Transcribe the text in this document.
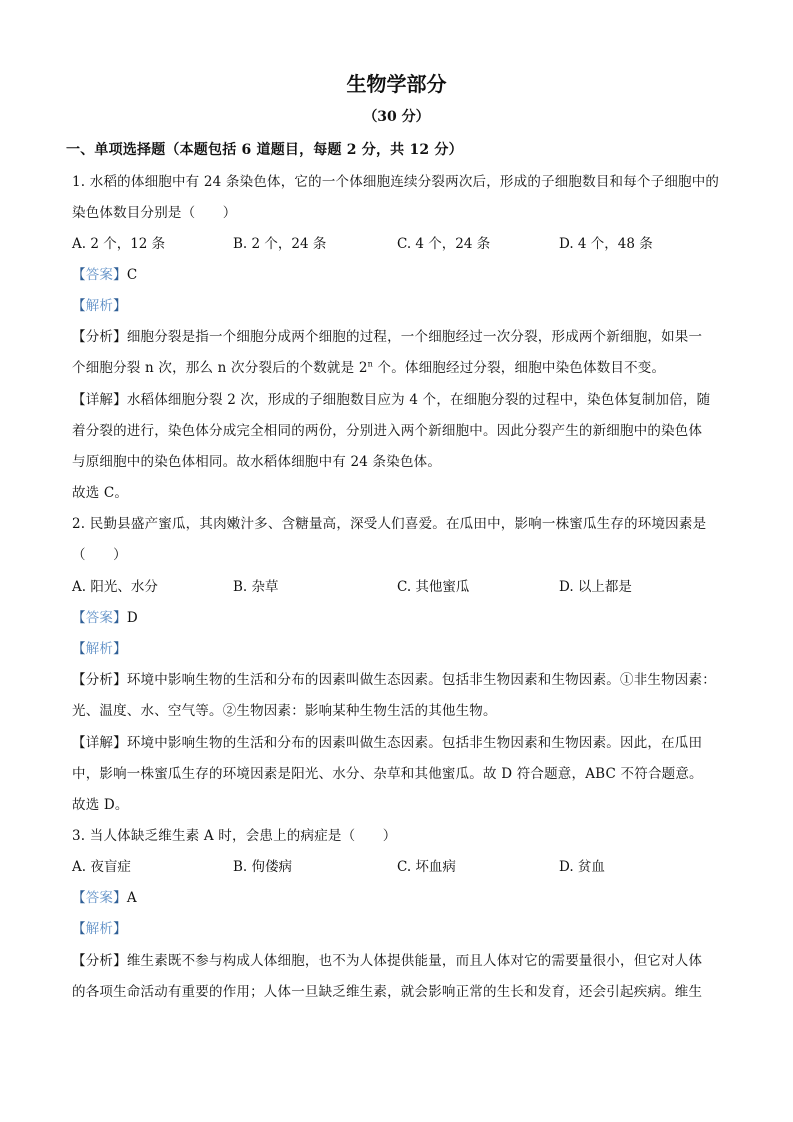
生物学部分
（30 分）
一、单项选择题（本题包括 6 道题目，每题 2 分，共 12 分）
1. 水稻的体细胞中有 24 条染色体，它的一个体细胞连续分裂两次后，形成的子细胞数目和每个子细胞中的
染色体数目分别是（　　）
A. 2 个，12 条	B. 2 个，24 条	C. 4 个，24 条	D. 4 个，48 条
【答案】C
【解析】
【分析】细胞分裂是指一个细胞分成两个细胞的过程，一个细胞经过一次分裂，形成两个新细胞，如果一
个细胞分裂 n 次，那么 n 次分裂后的个数就是 2$^n$ 个。体细胞经过分裂，细胞中染色体数目不变。
【详解】水稻体细胞分裂 2 次，形成的子细胞数目应为 4 个，在细胞分裂的过程中，染色体复制加倍，随
着分裂的进行，染色体分成完全相同的两份，分别进入两个新细胞中。因此分裂产生的新细胞中的染色体
与原细胞中的染色体相同。故水稻体细胞中有 24 条染色体。
故选 C。
2. 民勤县盛产蜜瓜，其肉嫩汁多、含糖量高，深受人们喜爱。在瓜田中，影响一株蜜瓜生存的环境因素是
（　　）
A. 阳光、水分	B. 杂草	C. 其他蜜瓜	D. 以上都是
【答案】D
【解析】
【分析】环境中影响生物的生活和分布的因素叫做生态因素。包括非生物因素和生物因素。①非生物因素：
光、温度、水、空气等。②生物因素：影响某种生物生活的其他生物。
【详解】环境中影响生物的生活和分布的因素叫做生态因素。包括非生物因素和生物因素。因此，在瓜田
中，影响一株蜜瓜生存的环境因素是阳光、水分、杂草和其他蜜瓜。故 D 符合题意，ABC 不符合题意。
故选 D。
3. 当人体缺乏维生素 A 时，会患上的病症是（　　）
A. 夜盲症	B. 佝偻病	C. 坏血病	D. 贫血
【答案】A
【解析】
【分析】维生素既不参与构成人体细胞，也不为人体提供能量，而且人体对它的需要量很小，但它对人体
的各项生命活动有重要的作用；人体一旦缺乏维生素，就会影响正常的生长和发育，还会引起疾病。维生
